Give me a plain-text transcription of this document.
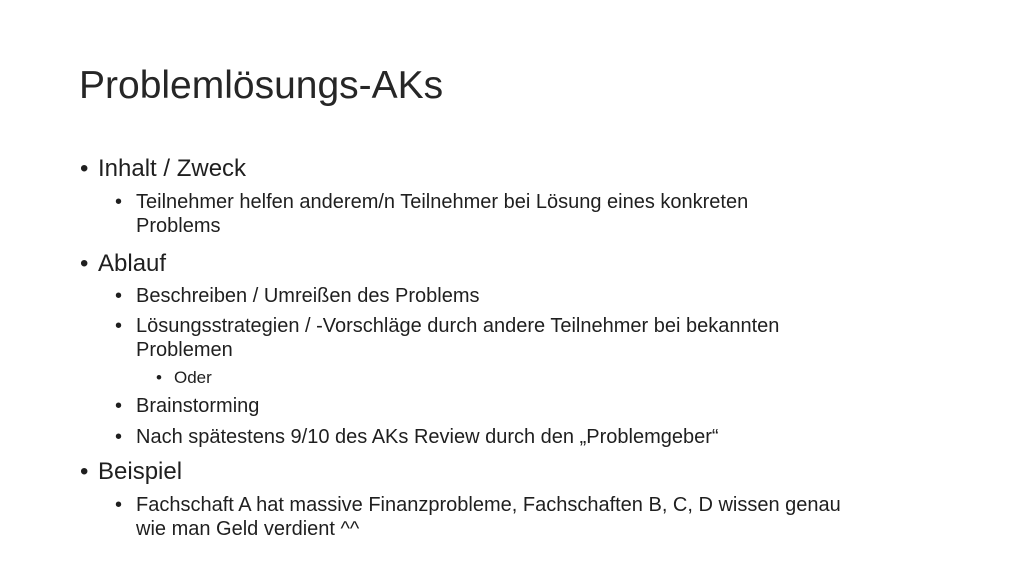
Problemlösungs-AKs
• Inhalt / Zweck
• Teilnehmer helfen anderem/n Teilnehmer bei Lösung eines konkreten
Problems
• Ablauf
• Beschreiben / Umreißen des Problems
• Lösungsstrategien / -Vorschläge durch andere Teilnehmer bei bekannten
Problemen
• Oder
• Brainstorming
• Nach spätestens 9/10 des AKs Review durch den „Problemgeber“
• Beispiel
• Fachschaft A hat massive Finanzprobleme, Fachschaften B, C, D wissen genau
wie man Geld verdient ^^
